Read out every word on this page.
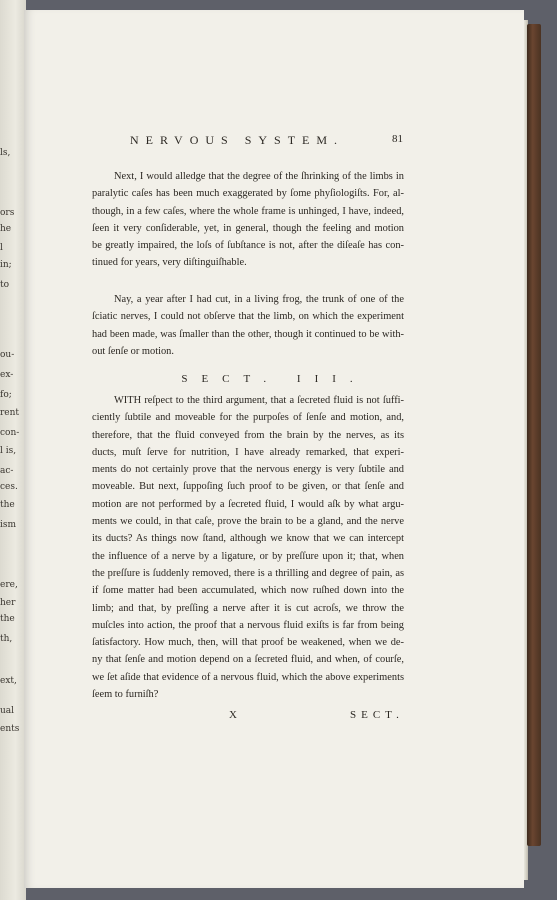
ls,
ors
he
l
in;
to
ou-
ex-
fo;
rent
con-
l is,
ac-
ces.
the
ism
ere,
her
the
th,
ext,
ual
ents
NERVOUS SYSTEM.	81
Next, I would alledge that the degree of the ſhrinking of the limbs in
paralytic caſes has been much exaggerated by ſome phyſiologiſts. For, al-
though, in a few caſes, where the whole frame is unhinged, I have, indeed,
ſeen it very conſiderable, yet, in general, though the feeling and motion
be greatly impaired, the loſs of ſubſtance is not, after the diſeaſe has con-
tinued for years, very diſtinguiſhable.
Nay, a year after I had cut, in a living frog, the trunk of one of the
ſciatic nerves, I could not obſerve that the limb, on which the experiment
had been made, was ſmaller than the other, though it continued to be with-
out ſenſe or motion.
SECT. III.
WITH reſpect to the third argument, that a ſecreted fluid is not ſuffi-
ciently ſubtile and moveable for the purpoſes of ſenſe and motion, and,
therefore, that the fluid conveyed from the brain by the nerves, as its
ducts, muſt ſerve for nutrition, I have already remarked, that experi-
ments do not certainly prove that the nervous energy is very ſubtile and
moveable. But next, ſuppoſing ſuch proof to be given, or that ſenſe and
motion are not performed by a ſecreted fluid, I would aſk by what argu-
ments we could, in that caſe, prove the brain to be a gland, and the nerve
its ducts? As things now ſtand, although we know that we can intercept
the influence of a nerve by a ligature, or by preſſure upon it; that, when
the preſſure is ſuddenly removed, there is a thrilling and degree of pain, as
if ſome matter had been accumulated, which now ruſhed down into the
limb; and that, by preſſing a nerve after it is cut acroſs, we throw the
muſcles into action, the proof that a nervous fluid exiſts is far from being
ſatisfactory. How much, then, will that proof be weakened, when we de-
ny that ſenſe and motion depend on a ſecreted fluid, and when, of courſe,
we ſet aſide that evidence of a nervous fluid, which the above experiments
ſeem to furniſh?
X	SECT.
